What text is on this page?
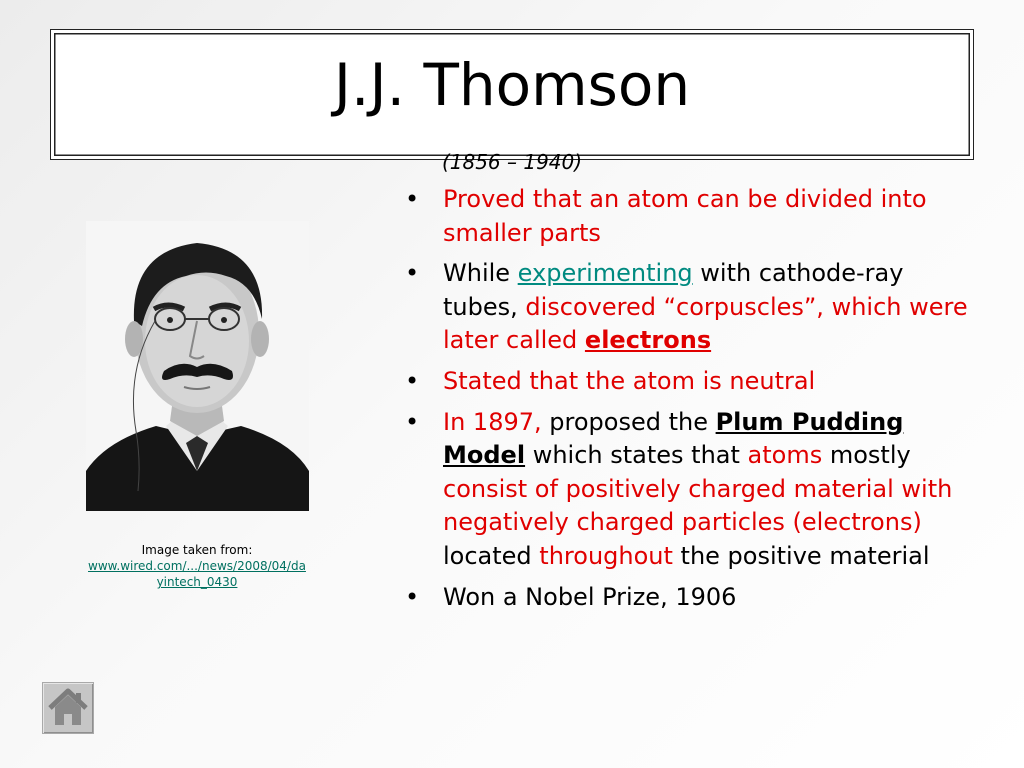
J.J. Thomson
(1856 – 1940)
Image taken from:
www.wired.com/.../news/2008/04/dayintech_0430
• Proved that an atom can be divided into smaller parts
• While experimenting with cathode-ray tubes, discovered “corpuscles”, which were later called electrons
• Stated that the atom is neutral
• In 1897, proposed the Plum Pudding Model which states that atoms mostly consist of positively charged material with negatively charged particles (electrons) located throughout the positive material
• Won a Nobel Prize, 1906
